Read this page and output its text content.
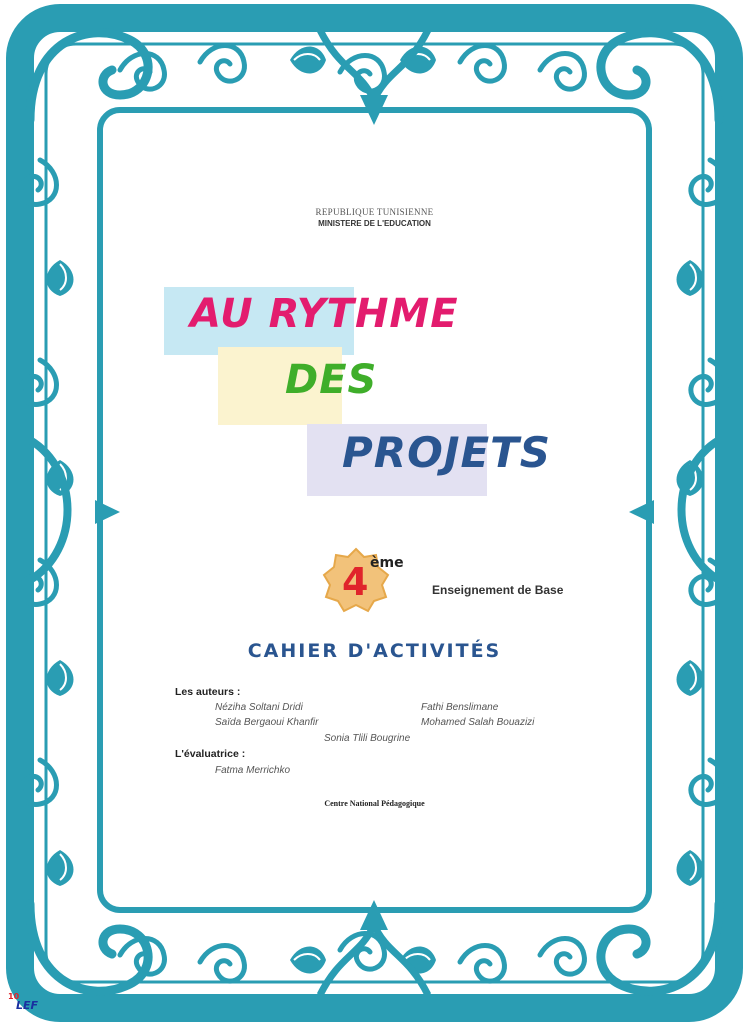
REPUBLIQUE TUNISIENNE
MINISTERE DE L'EDUCATION
AU RYTHME
DES
PROJETS
4 ème
Enseignement de Base
CAHIER D'ACTIVITÉS
Les auteurs :
Néziha Soltani Dridi	Fathi Benslimane
Saïda Bergaoui Khanfir	Mohamed Salah Bouazizi
Sonia Tlili Bougrine
L'évaluatrice :
Fatma Merrichko
Centre National Pédagogique
10
LEF
